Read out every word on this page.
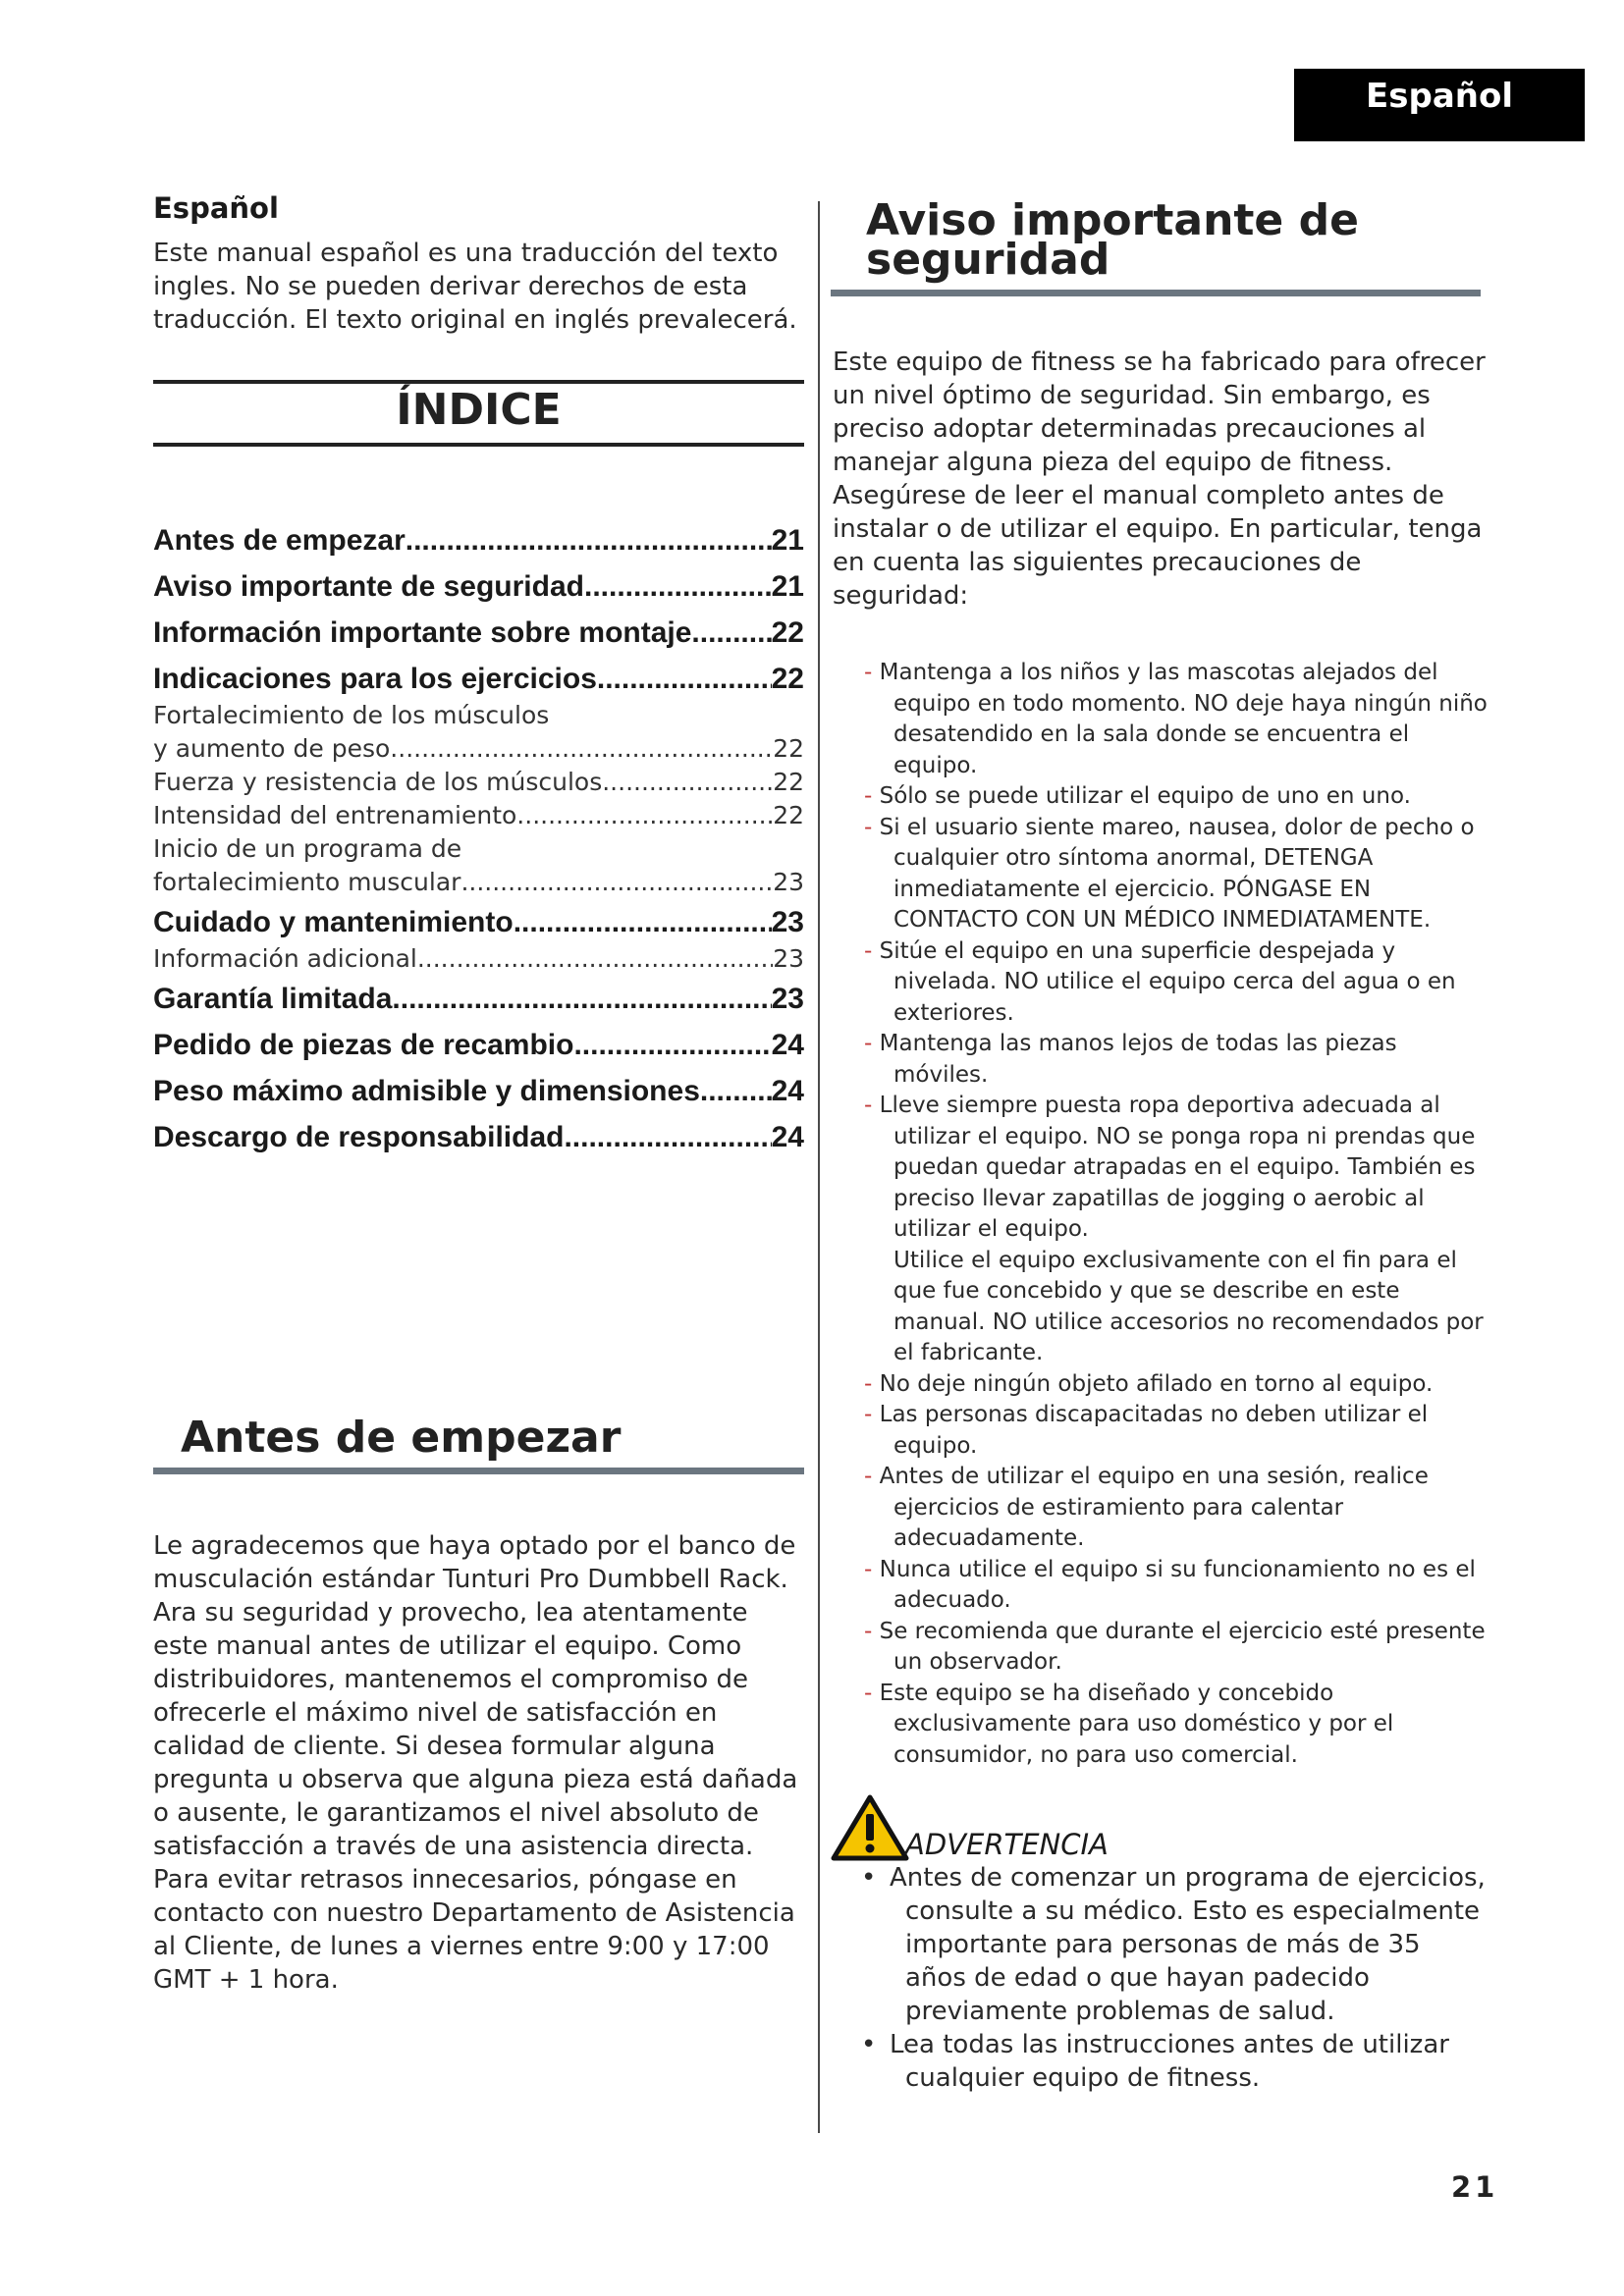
Español
Español

Este manual español es una traducción del texto ingles. No se pueden derivar derechos de esta traducción. El texto original en inglés prevalecerá.

ÍNDICE
Antes de empezar .....	21
Aviso importante de seguridad .....	21
Información importante sobre montaje .....	22
Indicaciones para los ejercicios .....	22
Fortalecimiento de los músculos
y aumento de peso .....	22
Fuerza y resistencia de los músculos .....	22
Intensidad del entrenamiento .....	22
Inicio de un programa de
fortalecimiento muscular .....	23
Cuidado y mantenimiento .....	23
Información adicional .....	23
Garantía limitada .....	23
Pedido de piezas de recambio .....	24
Peso máximo admisible y dimensiones ..... 24
Descargo de responsabilidad .....	24
Antes de empezar

Le agradecemos que haya optado por el banco de musculación estándar Tunturi Pro Dumbbell Rack. Ara su seguridad y provecho, lea atentamente este manual antes de utilizar el equipo. Como distribuidores, mantenemos el compromiso de ofrecerle el máximo nivel de satisfacción en calidad de cliente. Si desea formular alguna pregunta u observa que alguna pieza está dañada o ausente, le garantizamos el nivel absoluto de satisfacción a través de una asistencia directa.

Para evitar retrasos innecesarios, póngase en contacto con nuestro Departamento de Asistencia al Cliente, de lunes a viernes entre 9:00 y 17:00 GMT + 1 hora.

Aviso importante de
seguridad

Este equipo de fitness se ha fabricado para ofrecer un nivel óptimo de seguridad. Sin embargo, es preciso adoptar determinadas precauciones al manejar alguna pieza del equipo de fitness. Asegúrese de leer el manual completo antes de instalar o de utilizar el equipo. En particular, tenga en cuenta las siguientes precauciones de seguridad:

- Mantenga a los niños y las mascotas alejados del equipo en todo momento. NO deje haya ningún niño desatendido en la sala donde se encuentra el equipo.
- Sólo se puede utilizar el equipo de uno en uno.
- Si el usuario siente mareo, nausea, dolor de pecho o cualquier otro síntoma anormal, DETENGA inmediatamente el ejercicio. PÓNGASE EN CONTACTO CON UN MÉDICO INMEDIATAMENTE.
- Sitúe el equipo en una superficie despejada y nivelada. NO utilice el equipo cerca del agua o en exteriores.
- Mantenga las manos lejos de todas las piezas móviles.
- Lleve siempre puesta ropa deportiva adecuada al utilizar el equipo. NO se ponga ropa ni prendas que puedan quedar atrapadas en el equipo. También es preciso llevar zapatillas de jogging o aerobic al utilizar el equipo.
Utilice el equipo exclusivamente con el fin para el que fue concebido y que se describe en este manual. NO utilice accesorios no recomendados por el fabricante.
- No deje ningún objeto afilado en torno al equipo.
- Las personas discapacitadas no deben utilizar el equipo.
- Antes de utilizar el equipo en una sesión, realice ejercicios de estiramiento para calentar adecuadamente.
- Nunca utilice el equipo si su funcionamiento no es el adecuado.
- Se recomienda que durante el ejercicio esté presente un observador.
- Este equipo se ha diseñado y concebido exclusivamente para uso doméstico y por el consumidor, no para uso comercial.
ADVERTENCIA
• Antes de comenzar un programa de ejercicios, consulte a su médico. Esto es especialmente importante para personas de más de 35 años de edad o que hayan padecido previamente problemas de salud.
• Lea todas las instrucciones antes de utilizar cualquier equipo de fitness.
21
